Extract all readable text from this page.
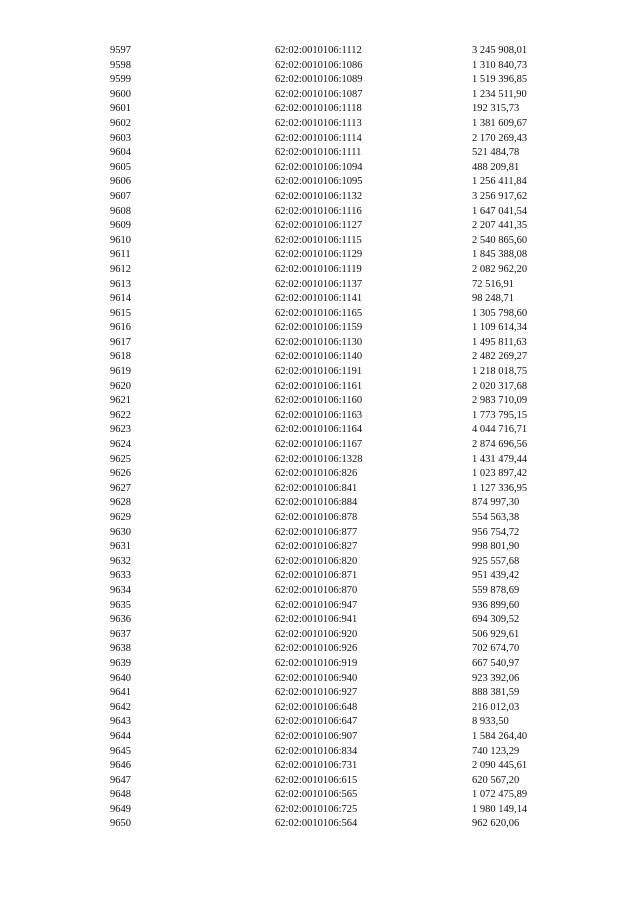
9597	62:02:0010106:1112	3 245 908,01
9598	62:02:0010106:1086	1 310 840,73
9599	62:02:0010106:1089	1 519 396,85
9600	62:02:0010106:1087	1 234 511,90
9601	62:02:0010106:1118	192 315,73
9602	62:02:0010106:1113	1 381 609,67
9603	62:02:0010106:1114	2 170 269,43
9604	62:02:0010106:1111	521 484,78
9605	62:02:0010106:1094	488 209,81
9606	62:02:0010106:1095	1 256 411,84
9607	62:02:0010106:1132	3 256 917,62
9608	62:02:0010106:1116	1 647 041,54
9609	62:02:0010106:1127	2 207 441,35
9610	62:02:0010106:1115	2 540 865,60
9611	62:02:0010106:1129	1 845 388,08
9612	62:02:0010106:1119	2 082 962,20
9613	62:02:0010106:1137	72 516,91
9614	62:02:0010106:1141	98 248,71
9615	62:02:0010106:1165	1 305 798,60
9616	62:02:0010106:1159	1 109 614,34
9617	62:02:0010106:1130	1 495 811,63
9618	62:02:0010106:1140	2 482 269,27
9619	62:02:0010106:1191	1 218 018,75
9620	62:02:0010106:1161	2 020 317,68
9621	62:02:0010106:1160	2 983 710,09
9622	62:02:0010106:1163	1 773 795,15
9623	62:02:0010106:1164	4 044 716,71
9624	62:02:0010106:1167	2 874 696,56
9625	62:02:0010106:1328	1 431 479,44
9626	62:02:0010106:826	1 023 897,42
9627	62:02:0010106:841	1 127 336,95
9628	62:02:0010106:884	874 997,30
9629	62:02:0010106:878	554 563,38
9630	62:02:0010106:877	956 754,72
9631	62:02:0010106:827	998 801,90
9632	62:02:0010106:820	925 557,68
9633	62:02:0010106:871	951 439,42
9634	62:02:0010106:870	559 878,69
9635	62:02:0010106:947	936 899,60
9636	62:02:0010106:941	694 309,52
9637	62:02:0010106:920	506 929,61
9638	62:02:0010106:926	702 674,70
9639	62:02:0010106:919	667 540,97
9640	62:02:0010106:940	923 392,06
9641	62:02:0010106:927	888 381,59
9642	62:02:0010106:648	216 012,03
9643	62:02:0010106:647	8 933,50
9644	62:02:0010106:907	1 584 264,40
9645	62:02:0010106:834	740 123,29
9646	62:02:0010106:731	2 090 445,61
9647	62:02:0010106:615	620 567,20
9648	62:02:0010106:565	1 072 475,89
9649	62:02:0010106:725	1 980 149,14
9650	62:02:0010106:564	962 620,06
